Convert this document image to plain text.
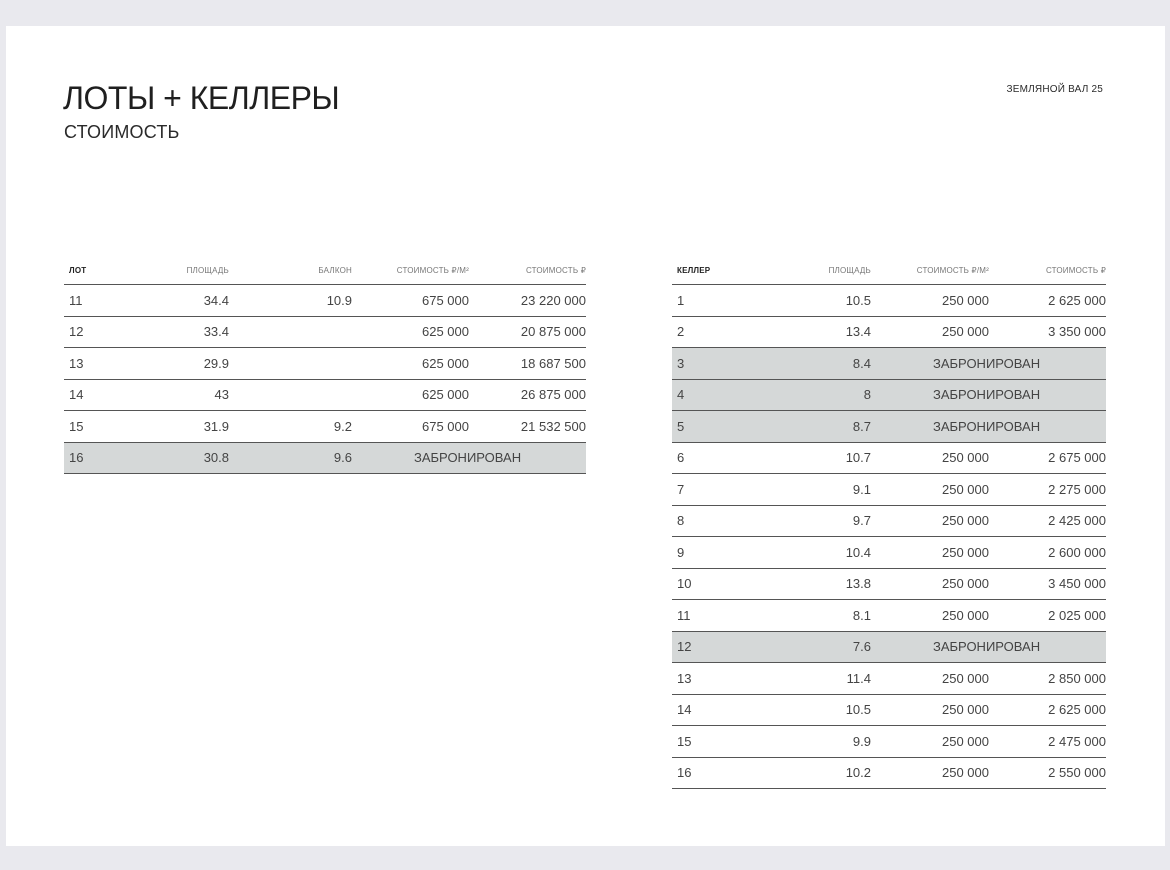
ЛОТЫ + КЕЛЛЕРЫ
СТОИМОСТЬ
ЗЕМЛЯНОЙ ВАЛ 25
ЛОТ	ПЛОЩАДЬ	БАЛКОН	СТОИМОСТЬ ₽/М²	СТОИМОСТЬ ₽
11	34.4	10.9	675 000	23 220 000
12	33.4		625 000	20 875 000
13	29.9		625 000	18 687 500
14	43		625 000	26 875 000
15	31.9	9.2	675 000	21 532 500
16	30.8	9.6	ЗАБРОНИРОВАН	
КЕЛЛЕР	ПЛОЩАДЬ	СТОИМОСТЬ ₽/М²	СТОИМОСТЬ ₽
1	10.5	250 000	2 625 000
2	13.4	250 000	3 350 000
3	8.4	ЗАБРОНИРОВАН	
4	8	ЗАБРОНИРОВАН	
5	8.7	ЗАБРОНИРОВАН	
6	10.7	250 000	2 675 000
7	9.1	250 000	2 275 000
8	9.7	250 000	2 425 000
9	10.4	250 000	2 600 000
10	13.8	250 000	3 450 000
11	8.1	250 000	2 025 000
12	7.6	ЗАБРОНИРОВАН	
13	11.4	250 000	2 850 000
14	10.5	250 000	2 625 000
15	9.9	250 000	2 475 000
16	10.2	250 000	2 550 000
